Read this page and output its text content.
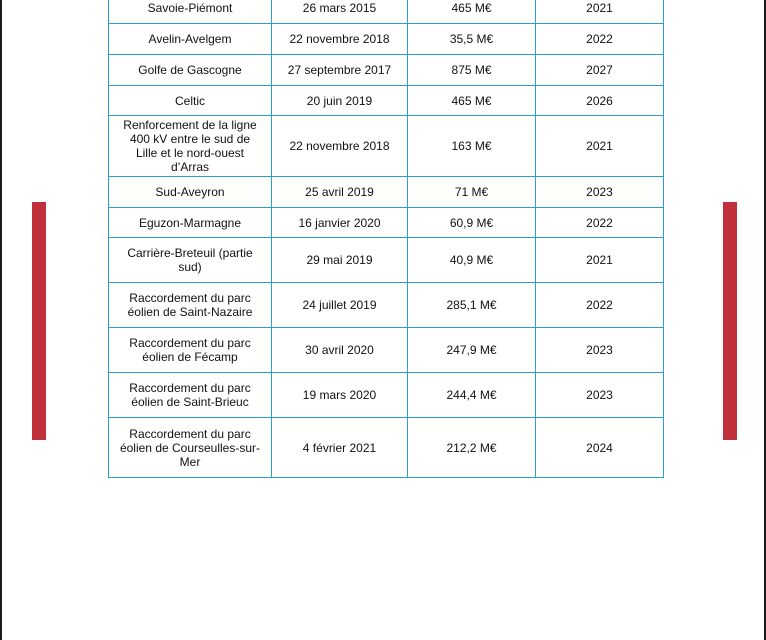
Savoie-Piémont	26 mars 2015	465 M€	2021
Avelin-Avelgem	22 novembre 2018	35,5 M€	2022
Golfe de Gascogne	27 septembre 2017	875 M€	2027
Celtic	20 juin 2019	465 M€	2026
Renforcement de la ligne 400 kV entre le sud de Lille et le nord-ouest d’Arras	22 novembre 2018	163 M€	2021
Sud-Aveyron	25 avril 2019	71 M€	2023
Eguzon-Marmagne	16 janvier 2020	60,9 M€	2022
Carrière-Breteuil (partie sud)	29 mai 2019	40,9 M€	2021
Raccordement du parc éolien de Saint-Nazaire	24 juillet 2019	285,1 M€	2022
Raccordement du parc éolien de Fécamp	30 avril 2020	247,9 M€	2023
Raccordement du parc éolien de Saint-Brieuc	19 mars 2020	244,4 M€	2023
Raccordement du parc éolien de Courseulles-sur-Mer	4 février 2021	212,2 M€	2024
